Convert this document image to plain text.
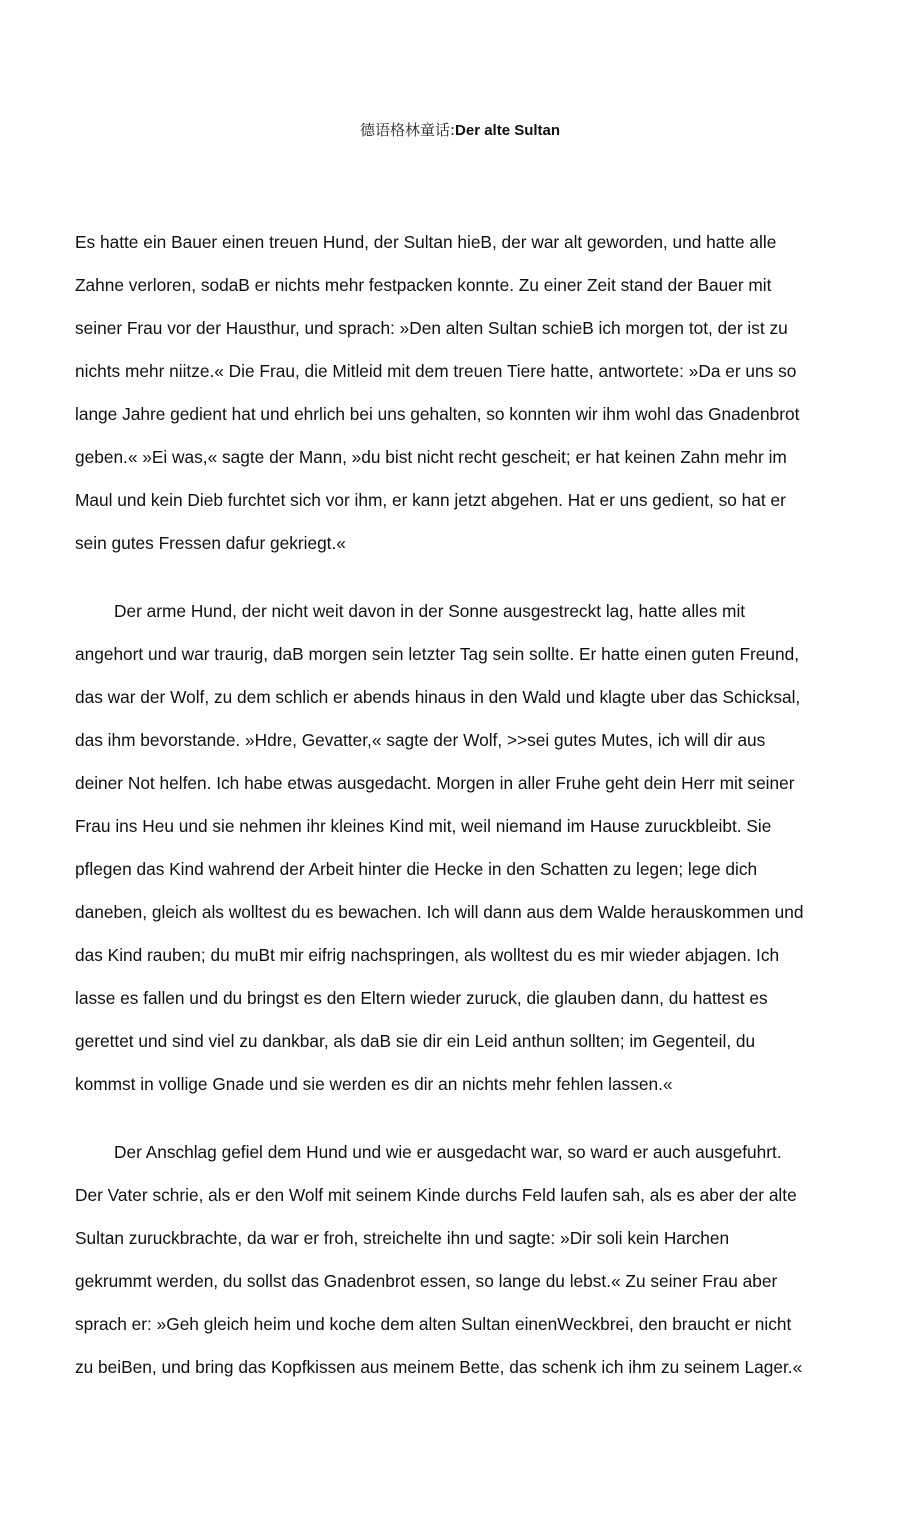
德语格林童话:Der alte Sultan
Es hatte ein Bauer einen treuen Hund, der Sultan hieB, der war alt geworden, und hatte alle
Zahne verloren, sodaB er nichts mehr festpacken konnte. Zu einer Zeit stand der Bauer mit
seiner Frau vor der Hausthur, und sprach: »Den alten Sultan schieB ich morgen tot, der ist zu
nichts mehr niitze.« Die Frau, die Mitleid mit dem treuen Tiere hatte, antwortete: »Da er uns so
lange Jahre gedient hat und ehrlich bei uns gehalten, so konnten wir ihm wohl das Gnadenbrot
geben.« »Ei was,« sagte der Mann, »du bist nicht recht gescheit; er hat keinen Zahn mehr im
Maul und kein Dieb furchtet sich vor ihm, er kann jetzt abgehen. Hat er uns gedient, so hat er
sein gutes Fressen dafur gekriegt.«
Der arme Hund, der nicht weit davon in der Sonne ausgestreckt lag, hatte alles mit
angehort und war traurig, daB morgen sein letzter Tag sein sollte. Er hatte einen guten Freund,
das war der Wolf, zu dem schlich er abends hinaus in den Wald und klagte uber das Schicksal,
das ihm bevorstande. »Hdre, Gevatter,« sagte der Wolf, >>sei gutes Mutes, ich will dir aus
deiner Not helfen. Ich habe etwas ausgedacht. Morgen in aller Fruhe geht dein Herr mit seiner
Frau ins Heu und sie nehmen ihr kleines Kind mit, weil niemand im Hause zuruckbleibt. Sie
pflegen das Kind wahrend der Arbeit hinter die Hecke in den Schatten zu legen; lege dich
daneben, gleich als wolltest du es bewachen. Ich will dann aus dem Walde herauskommen und
das Kind rauben; du muBt mir eifrig nachspringen, als wolltest du es mir wieder abjagen. Ich
lasse es fallen und du bringst es den Eltern wieder zuruck, die glauben dann, du hattest es
gerettet und sind viel zu dankbar, als daB sie dir ein Leid anthun sollten; im Gegenteil, du
kommst in vollige Gnade und sie werden es dir an nichts mehr fehlen lassen.«
Der Anschlag gefiel dem Hund und wie er ausgedacht war, so ward er auch ausgefuhrt.
Der Vater schrie, als er den Wolf mit seinem Kinde durchs Feld laufen sah, als es aber der alte
Sultan zuruckbrachte, da war er froh, streichelte ihn und sagte: »Dir soli kein Harchen
gekrummt werden, du sollst das Gnadenbrot essen, so lange du lebst.« Zu seiner Frau aber
sprach er: »Geh gleich heim und koche dem alten Sultan einenWeckbrei, den braucht er nicht
zu beiBen, und bring das Kopfkissen aus meinem Bette, das schenk ich ihm zu seinem Lager.«
